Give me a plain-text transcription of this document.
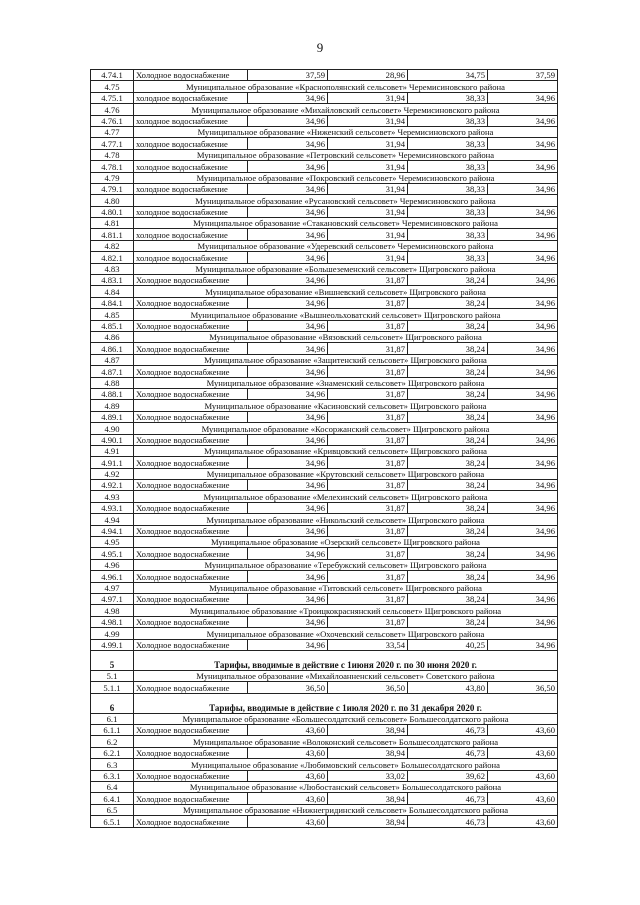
9
4.74.1	Холодное водоснабжение	37,59	28,96	34,75	37,59
4.75	Муниципальное образование «Краснополянский сельсовет» Черемисиновского района				
4.75.1	холодное водоснабжение	34,96	31,94	38,33	34,96
4.76	Муниципальное образование «Михайловский сельсовет» Черемисиновского района				
4.76.1	холодное водоснабжение	34,96	31,94	38,33	34,96
4.77	Муниципальное образование «Ниженский сельсовет» Черемисиновского района				
4.77.1	холодное водоснабжение	34,96	31,94	38,33	34,96
4.78	Муниципальное образование «Петровский сельсовет» Черемисиновского района				
4.78.1	холодное водоснабжение	34,96	31,94	38,33	34,96
4.79	Муниципальное образование «Покровский сельсовет» Черемисиновского района				
4.79.1	холодное водоснабжение	34,96	31,94	38,33	34,96
4.80	Муниципальное образование «Русановский сельсовет» Черемисиновского района				
4.80.1	холодное водоснабжение	34,96	31,94	38,33	34,96
4.81	Муниципальное образование «Стакановский сельсовет» Черемисиновского района				
4.81.1	холодное водоснабжение	34,96	31,94	38,33	34,96
4.82	Муниципальное образование «Удеревский сельсовет» Черемисиновского района				
4.82.1	холодное водоснабжение	34,96	31,94	38,33	34,96
4.83	Муниципальное образование «Большеземенский сельсовет» Щигровского района				
4.83.1	Холодное водоснабжение	34,96	31,87	38,24	34,96
4.84	Муниципальное образование «Вишневский сельсовет» Щигровского района				
4.84.1	Холодное водоснабжение	34,96	31,87	38,24	34,96
4.85	Муниципальное образование «Вышнеольховатский сельсовет» Щигровского района				
4.85.1	Холодное водоснабжение	34,96	31,87	38,24	34,96
4.86	Муниципальное образование «Вязовский сельсовет» Щигровского района				
4.86.1	Холодное водоснабжение	34,96	31,87	38,24	34,96
4.87	Муниципальное образование «Защитенский сельсовет» Щигровского района				
4.87.1	Холодное водоснабжение	34,96	31,87	38,24	34,96
4.88	Муниципальное образование «Знаменский сельсовет» Щигровского района				
4.88.1	Холодное водоснабжение	34,96	31,87	38,24	34,96
4.89	Муниципальное образование «Касиновский сельсовет» Щигровского района				
4.89.1	Холодное водоснабжение	34,96	31,87	38,24	34,96
4.90	Муниципальное образование «Косоржанский сельсовет» Щигровского района				
4.90.1	Холодное водоснабжение	34,96	31,87	38,24	34,96
4.91	Муниципальное образование «Кривцовский сельсовет» Щигровского района				
4.91.1	Холодное водоснабжение	34,96	31,87	38,24	34,96
4.92	Муниципальное образование «Крутовский сельсовет» Щигровского района				
4.92.1	Холодное водоснабжение	34,96	31,87	38,24	34,96
4.93	Муниципальное образование «Мелехинский сельсовет» Щигровского района				
4.93.1	Холодное водоснабжение	34,96	31,87	38,24	34,96
4.94	Муниципальное образование «Никольский сельсовет» Щигровского района				
4.94.1	Холодное водоснабжение	34,96	31,87	38,24	34,96
4.95	Муниципальное образование «Озерский сельсовет» Щигровского района				
4.95.1	Холодное водоснабжение	34,96	31,87	38,24	34,96
4.96	Муниципальное образование «Теребужский сельсовет» Щигровского района				
4.96.1	Холодное водоснабжение	34,96	31,87	38,24	34,96
4.97	Муниципальное образование «Титовский сельсовет» Щигровского района				
4.97.1	Холодное водоснабжение	34,96	31,87	38,24	34,96
4.98	Муниципальное образование «Троицкокраснянский сельсовет» Щигровского района				
4.98.1	Холодное водоснабжение	34,96	31,87	38,24	34,96
4.99	Муниципальное образование «Охочевский сельсовет» Щигровского района				
4.99.1	Холодное водоснабжение	34,96	33,54	40,25	34,96
5	Тарифы, вводимые в действие с 1июня 2020 г. по 30 июня 2020 г.				
5.1	Муниципальное образование «Михайлоанненский сельсовет» Советского района				
5.1.1	Холодное водоснабжение	36,50	36,50	43,80	36,50
6	Тарифы, вводимые в действие с 1июля 2020 г. по 31 декабря 2020 г.				
6.1	Муниципальное образование «Большесолдатский сельсовет» Большесолдатского района				
6.1.1	Холодное водоснабжение	43,60	38,94	46,73	43,60
6.2	Муниципальное образование «Волоконский сельсовет» Большесолдатского района				
6.2.1	Холодное водоснабжение	43,60	38,94	46,73	43,60
6.3	Муниципальное образование «Любимовский сельсовет» Большесолдатского района				
6.3.1	Холодное водоснабжение	43,60	33,02	39,62	43,60
6.4	Муниципальное образование «Любостанский сельсовет» Большесолдатского района				
6.4.1	Холодное водоснабжение	43,60	38,94	46,73	43,60
6.5	Муниципальное образование «Нижнегридинский сельсовет» Большесолдатского района				
6.5.1	Холодное водоснабжение	43,60	38,94	46,73	43,60
